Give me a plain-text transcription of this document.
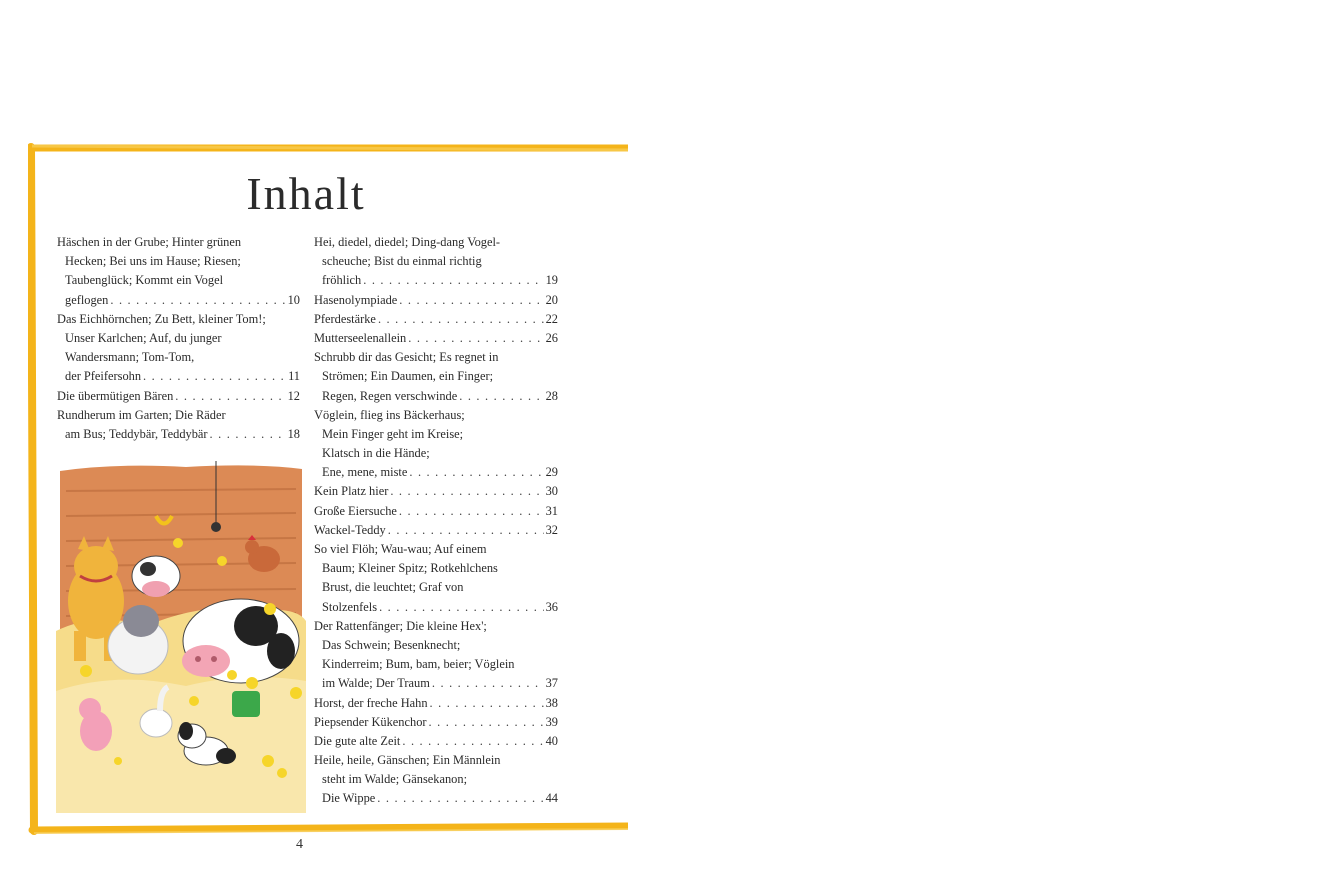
Inhalt
Häschen in der Grube; Hinter grünen
Hecken; Bei uns im Hause; Riesen;
Taubenglück; Kommt ein Vogel
geflogen . . .	10
Das Eichhörnchen; Zu Bett, kleiner Tom!;
Unser Karlchen; Auf, du junger
Wandersmann; Tom-Tom,
der Pfeifersohn . . .	11
Die übermütigen Bären . . .	12
Rundherum im Garten; Die Räder
am Bus; Teddybär, Teddybär . . .	18
Hei, diedel, diedel; Ding-dang Vogel-
scheuche; Bist du einmal richtig
fröhlich . . .	19
Hasenolympiade . . .	20
Pferdestärke . . .	22
Mutterseelenallein . . .	26
Schrubb dir das Gesicht; Es regnet in
Strömen; Ein Daumen, ein Finger;
Regen, Regen verschwinde . . .	28
Vöglein, flieg ins Bäckerhaus;
Mein Finger geht im Kreise;
Klatsch in die Hände;
Ene, mene, miste . . .	29
Kein Platz hier . . .	30
Große Eiersuche . . .	31
Wackel-Teddy . . .	32
So viel Flöh; Wau-wau; Auf einem
Baum; Kleiner Spitz; Rotkehlchens
Brust, die leuchtet; Graf von
Stolzenfels . . .	36
Der Rattenfänger; Die kleine Hex';
Das Schwein; Besenknecht;
Kinderreim; Bum, bam, beier; Vöglein
im Walde; Der Traum . . .	37
Horst, der freche Hahn . . .	38
Piepsender Kükenchor . . .	39
Die gute alte Zeit . . .	40
Heile, heile, Gänschen; Ein Männlein
steht im Walde; Gänsekanon;
Die Wippe . . .	44
4
